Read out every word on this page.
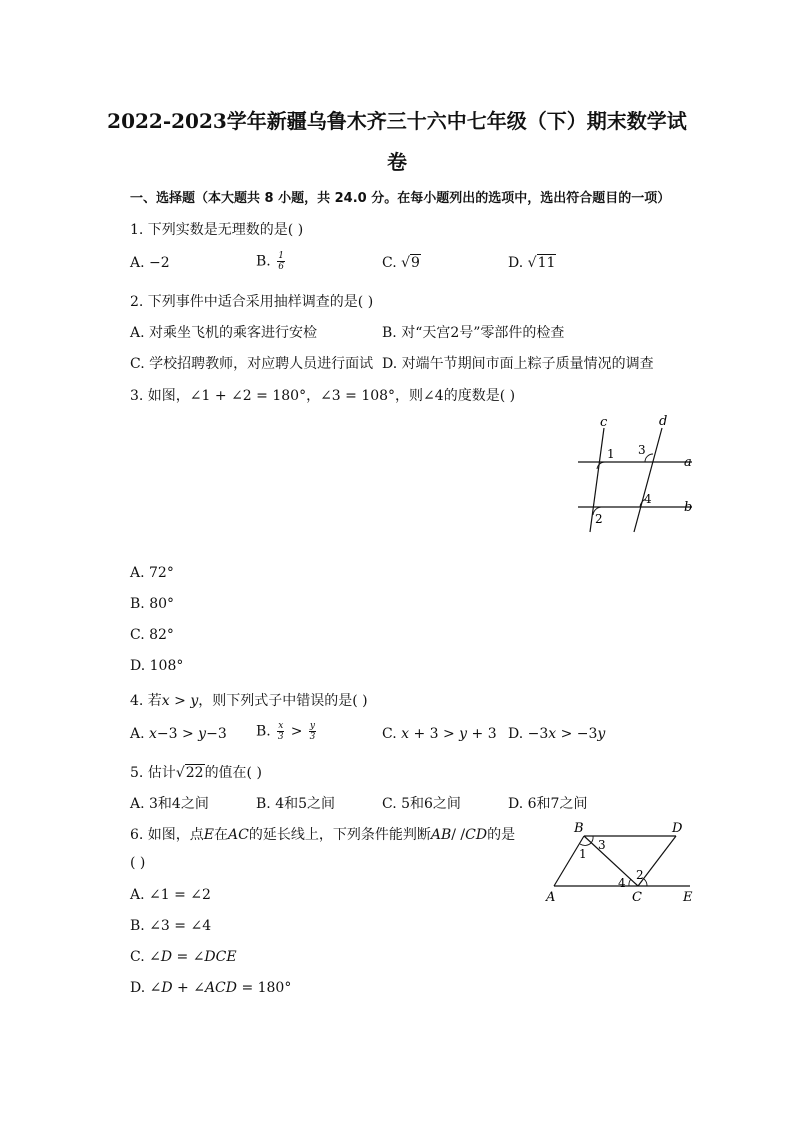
2022-2023学年新疆乌鲁木齐三十六中七年级（下）期末数学试
卷
一、选择题（本大题共 8 小题，共 24.0 分。在每小题列出的选项中，选出符合题目的一项）
1. 下列实数是无理数的是( )
A. −2	B. $\frac{1}{6}$	C. √9	D. √11
2. 下列事件中适合采用抽样调查的是( )
A. 对乘坐飞机的乘客进行安检	B. 对“天宫2号”零部件的检查
C. 学校招聘教师，对应聘人员进行面试 D. 对端午节期间市面上粽子质量情况的调查
3. 如图，∠1 + ∠2 = 180°，∠3 = 108°，则∠4的度数是( )
c	d
a
b
1
2
3
4
A. 72°
B. 80°
C. 82°
D. 108°
4. 若𝑥 > 𝑦，则下列式子中错误的是( )
A. 𝑥−3 > 𝑦−3 B. $\frac{x}{3} > \frac{y}{3}$	C. 𝑥 + 3 > 𝑦 + 3 D. −3𝑥 > −3𝑦
5. 估计√22的值在( )
A. 3和4之间	B. 4和5之间	C. 5和6之间	D. 6和7之间
6. 如图，点𝐸在𝐴𝐶的延长线上，下列条件能判断𝐴𝐵/ /𝐶𝐷的是
( )
B	D
A	C	E
1
3
2
4
A. ∠1 = ∠2
B. ∠3 = ∠4
C. ∠𝐷 = ∠𝐷𝐶𝐸
D. ∠𝐷 + ∠𝐴𝐶𝐷 = 180°
